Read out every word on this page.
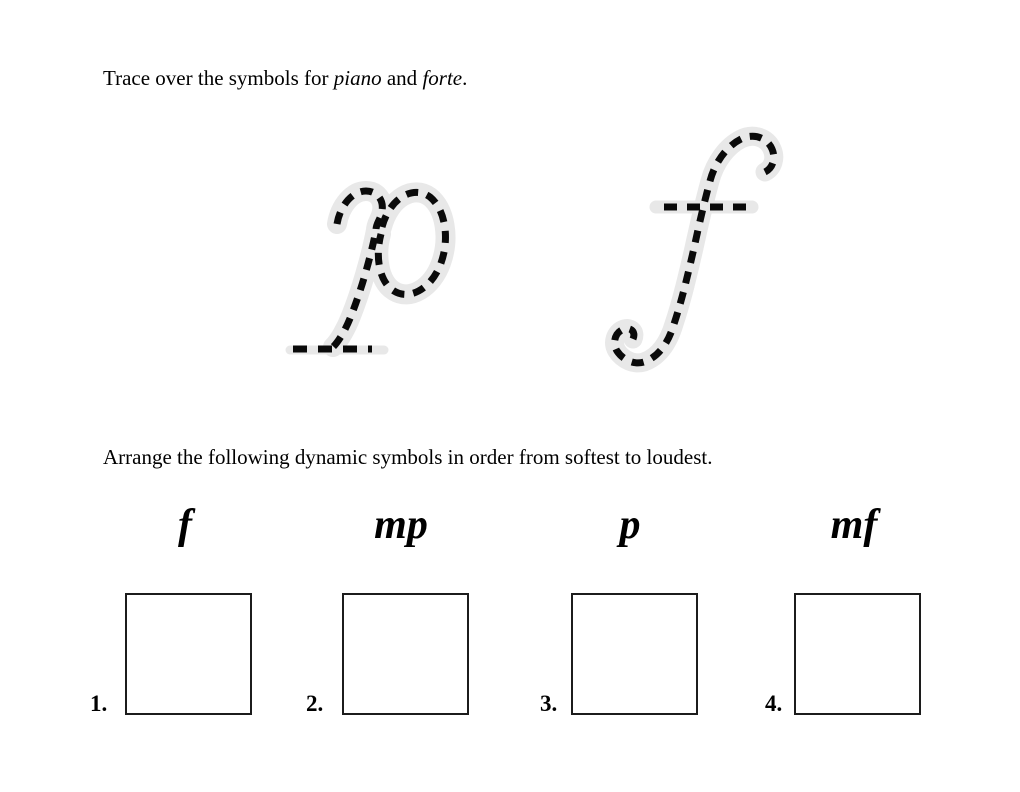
Trace over the symbols for piano and forte.

Arrange the following dynamic symbols in order from softest to loudest.

f	mp	p	mf
1.	2.	3.	4.
